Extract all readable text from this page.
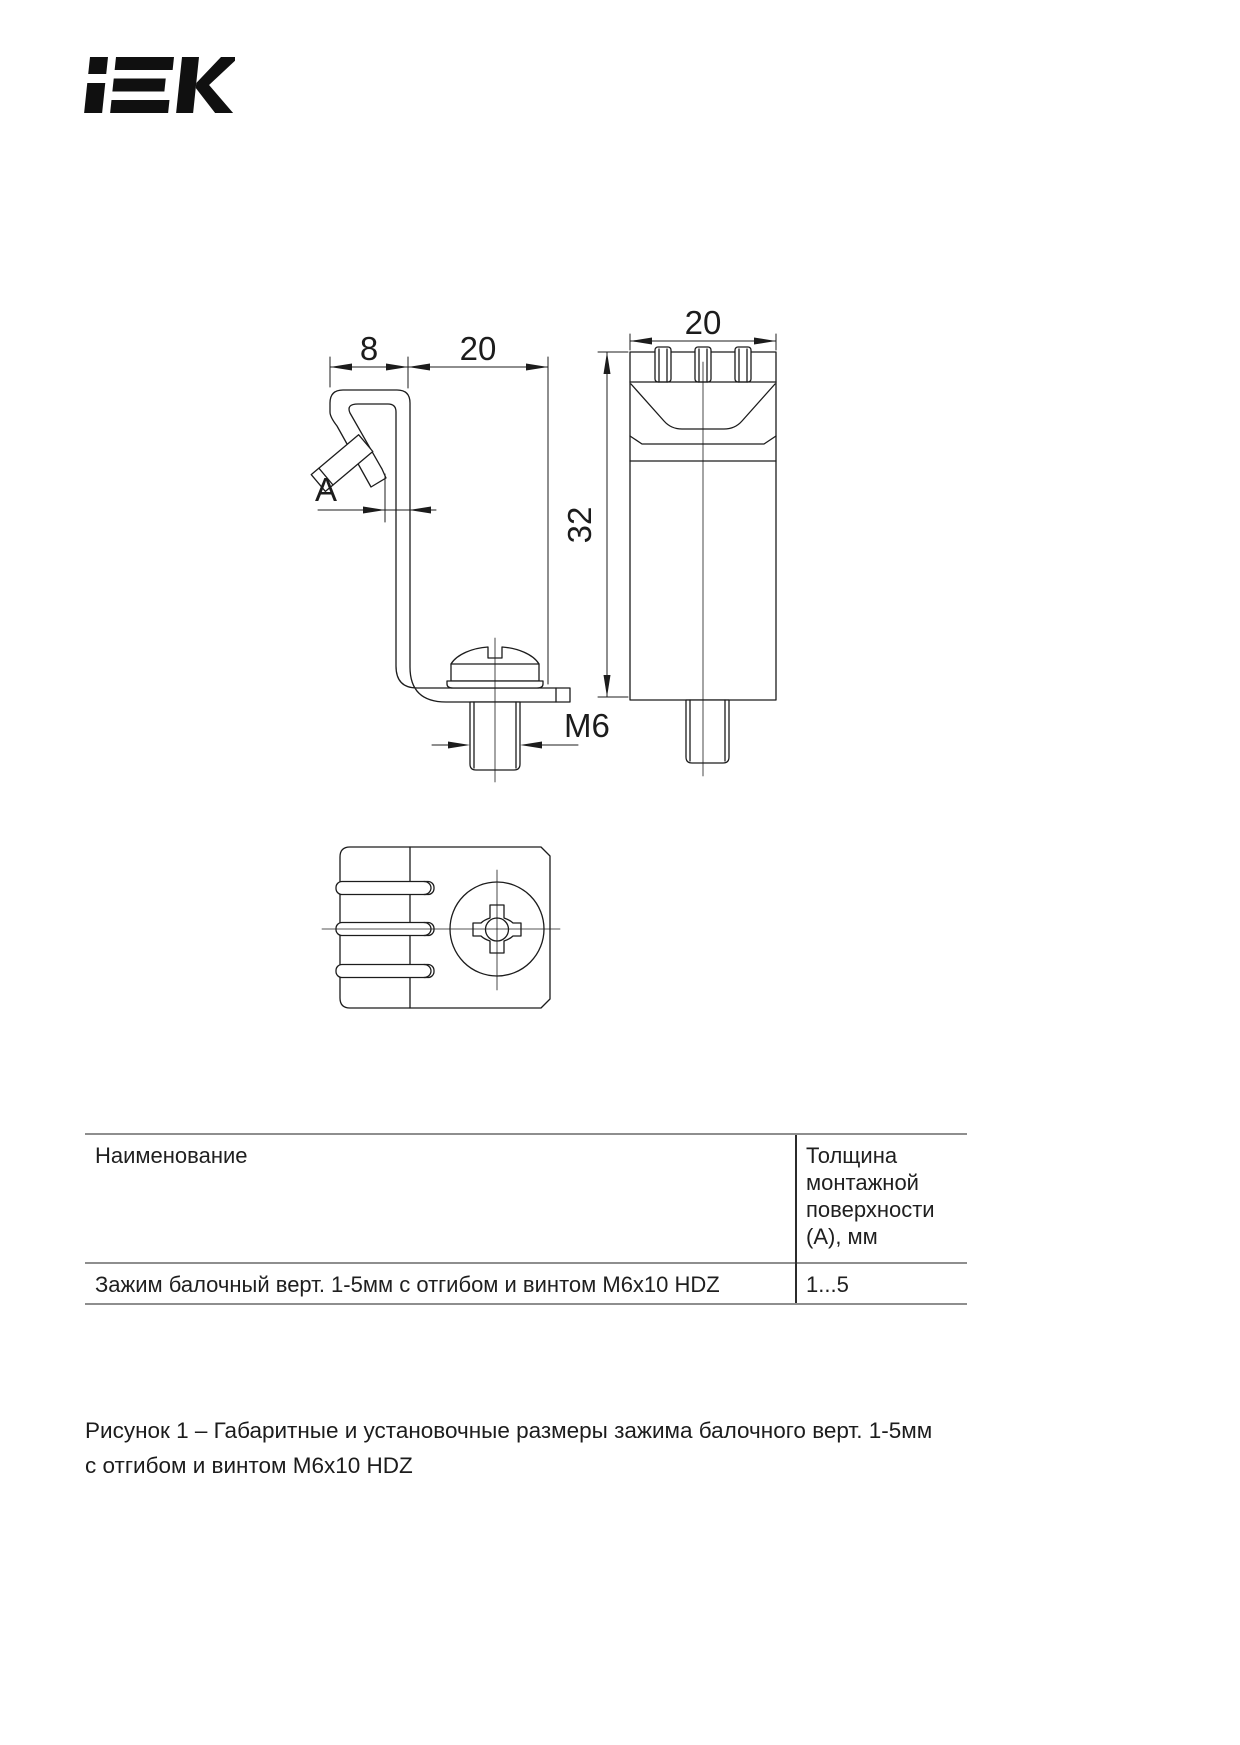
8 20
A
M6
20
32
Наименование	Толщина монтажной поверхности (А), мм
Зажим балочный верт. 1-5мм с отгибом и винтом М6х10 HDZ	1...5
Рисунок 1 – Габаритные и установочные размеры зажима балочного верт. 1-5мм
с отгибом и винтом М6х10 HDZ
